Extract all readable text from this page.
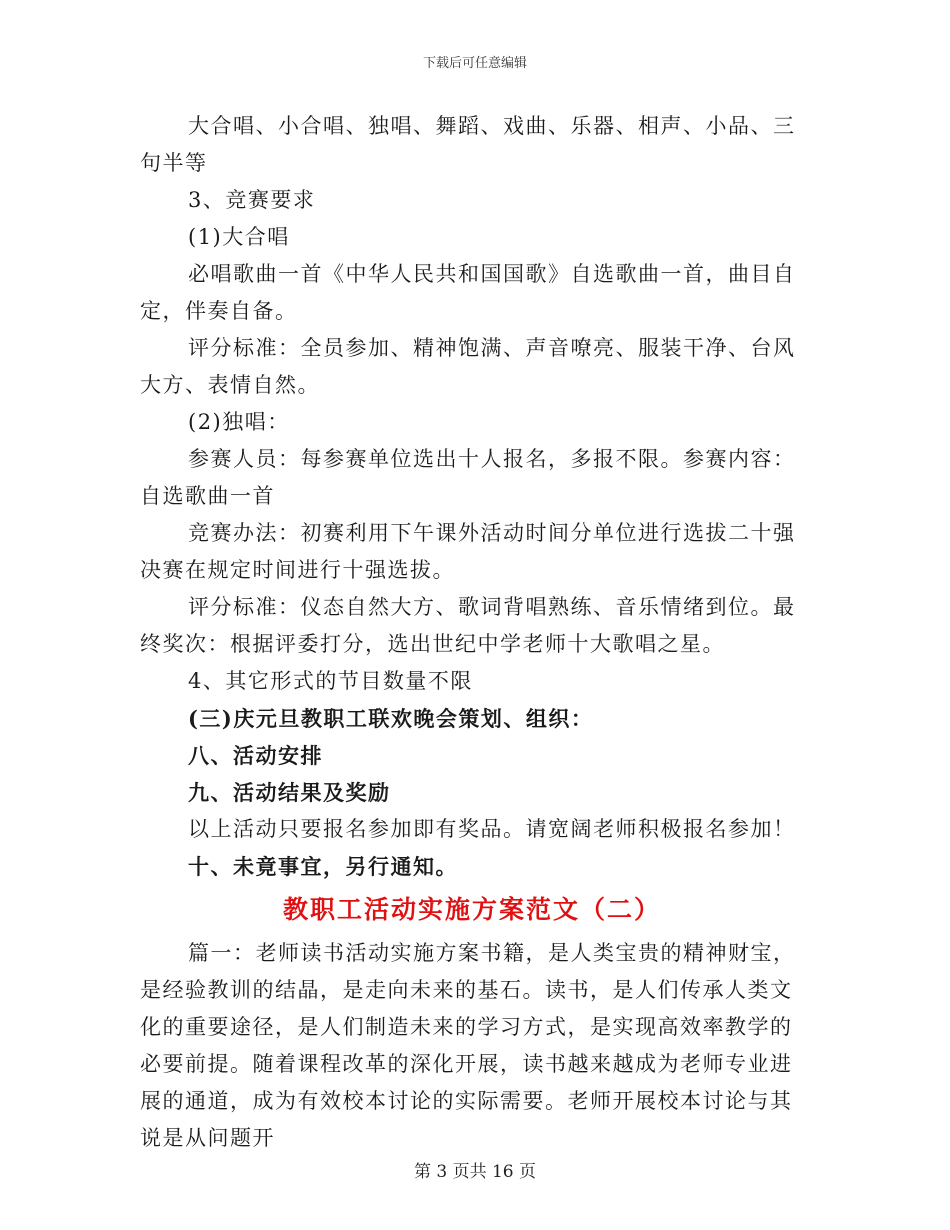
下载后可任意编辑

大合唱、小合唱、独唱、舞蹈、戏曲、乐器、相声、小品、三句半等

3、竞赛要求

(1)大合唱

必唱歌曲一首《中华人民共和国国歌》自选歌曲一首，曲目自定，伴奏自备。

评分标准：全员参加、精神饱满、声音嘹亮、服装干净、台风大方、表情自然。

(2)独唱：

参赛人员：每参赛单位选出十人报名，多报不限。参赛内容：自选歌曲一首

竞赛办法：初赛利用下午课外活动时间分单位进行选拔二十强决赛在规定时间进行十强选拔。

评分标准：仪态自然大方、歌词背唱熟练、音乐情绪到位。最终奖次：根据评委打分，选出世纪中学老师十大歌唱之星。

4、其它形式的节目数量不限

(三)庆元旦教职工联欢晚会策划、组织：

八、活动安排

九、活动结果及奖励

以上活动只要报名参加即有奖品。请宽阔老师积极报名参加！

十、未竟事宜，另行通知。

教职工活动实施方案范文（二）

篇一：老师读书活动实施方案书籍，是人类宝贵的精神财宝，是经验教训的结晶，是走向未来的基石。读书，是人们传承人类文化的重要途径，是人们制造未来的学习方式，是实现高效率教学的必要前提。随着课程改革的深化开展，读书越来越成为老师专业进展的通道，成为有效校本讨论的实际需要。老师开展校本讨论与其说是从问题开

第 3 页共 16 页
